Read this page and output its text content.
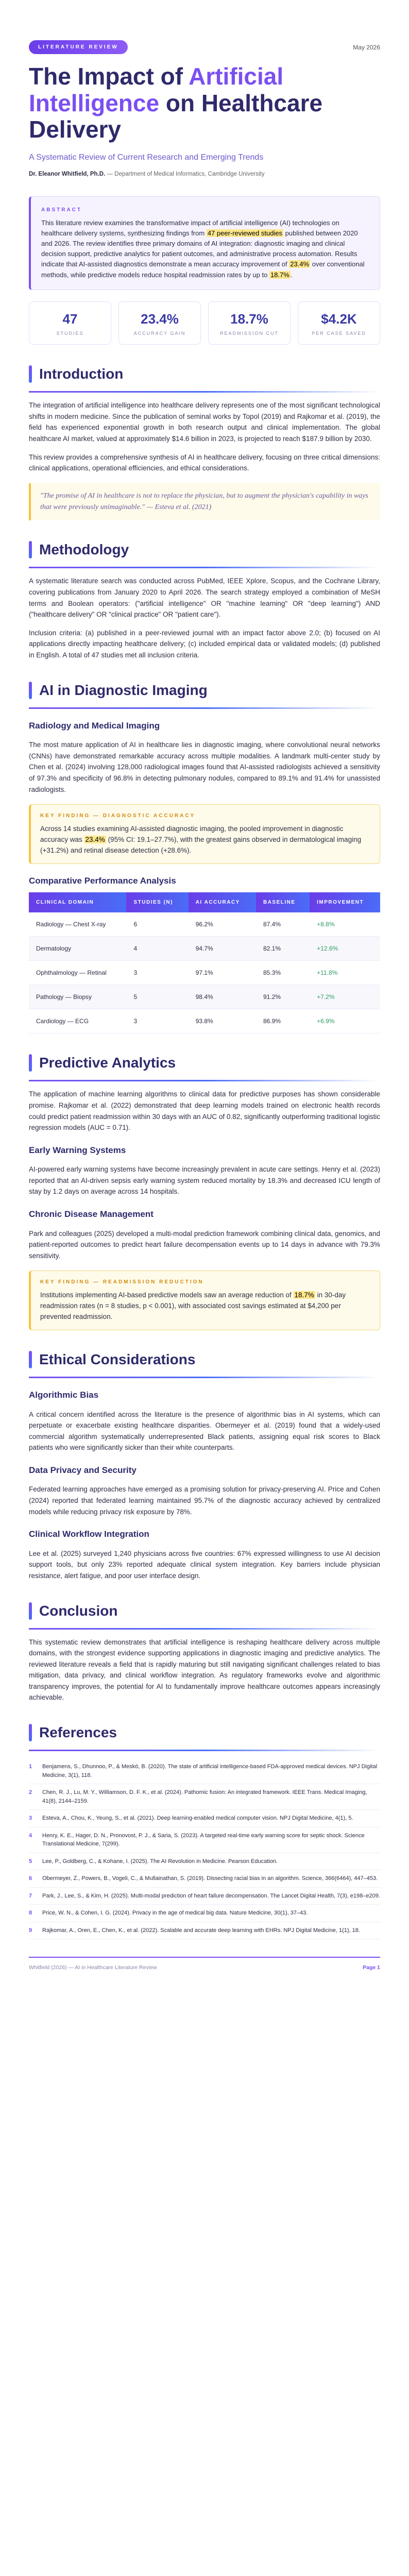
LITERATURE REVIEW	May 2026
The Impact of Artificial Intelligence on Healthcare Delivery
A Systematic Review of Current Research and Emerging Trends
Dr. Eleanor Whitfield, Ph.D. — Department of Medical Informatics, Cambridge University
ABSTRACT

This literature review examines the transformative impact of artificial intelligence (AI) technologies on healthcare delivery systems, synthesizing findings from 47 peer-reviewed studies published between 2020 and 2026. The review identifies three primary domains of AI integration: diagnostic imaging and clinical decision support, predictive analytics for patient outcomes, and administrative process automation. Results indicate that AI-assisted diagnostics demonstrate a mean accuracy improvement of 23.4% over conventional methods, while predictive models reduce hospital readmission rates by up to 18.7% .

47
STUDIES
23.4%
ACCURACY GAIN
18.7%
READMISSION CUT
$4.2K
PER CASE SAVED
Introduction

The integration of artificial intelligence into healthcare delivery represents one of the most significant technological shifts in modern medicine. Since the publication of seminal works by Topol (2019) and Rajkomar et al. (2019), the field has experienced exponential growth in both research output and clinical implementation. The global healthcare AI market, valued at approximately $14.6 billion in 2023, is projected to reach $187.9 billion by 2030.

This review provides a comprehensive synthesis of AI in healthcare delivery, focusing on three critical dimensions: clinical applications, operational efficiencies, and ethical considerations.

"The promise of AI in healthcare is not to replace the physician, but to augment the physician's capability in ways that were previously unimaginable." — Esteva et al. (2021)
Methodology

A systematic literature search was conducted across PubMed, IEEE Xplore, Scopus, and the Cochrane Library, covering publications from January 2020 to April 2026. The search strategy employed a combination of MeSH terms and Boolean operators: ("artificial intelligence" OR "machine learning" OR "deep learning") AND ("healthcare delivery" OR "clinical practice" OR "patient care").

Inclusion criteria: (a) published in a peer-reviewed journal with an impact factor above 2.0; (b) focused on AI applications directly impacting healthcare delivery; (c) included empirical data or validated models; (d) published in English. A total of 47 studies met all inclusion criteria.

AI in Diagnostic Imaging
Radiology and Medical Imaging

The most mature application of AI in healthcare lies in diagnostic imaging, where convolutional neural networks (CNNs) have demonstrated remarkable accuracy across multiple modalities. A landmark multi-center study by Chen et al. (2024) involving 128,000 radiological images found that AI-assisted radiologists achieved a sensitivity of 97.3% and specificity of 96.8% in detecting pulmonary nodules, compared to 89.1% and 91.4% for unassisted radiologists.

KEY FINDING — DIAGNOSTIC ACCURACY

Across 14 studies examining AI-assisted diagnostic imaging, the pooled improvement in diagnostic accuracy was 23.4% (95% CI: 19.1–27.7%), with the greatest gains observed in dermatological imaging (+31.2%) and retinal disease detection (+28.6%).

Comparative Performance Analysis
CLINICAL DOMAIN	STUDIES (N)	AI ACCURACY	BASELINE	IMPROVEMENT
Radiology — Chest X-ray	6	96.2%	87.4%	+8.8%
Dermatology	4	94.7%	82.1%	+12.6%
Ophthalmology — Retinal	3	97.1%	85.3%	+11.8%
Pathology — Biopsy	5	98.4%	91.2%	+7.2%
Cardiology — ECG	3	93.8%	86.9%	+6.9%
Predictive Analytics

The application of machine learning algorithms to clinical data for predictive purposes has shown considerable promise. Rajkomar et al. (2022) demonstrated that deep learning models trained on electronic health records could predict patient readmission within 30 days with an AUC of 0.82, significantly outperforming traditional logistic regression models (AUC = 0.71).

Early Warning Systems

AI-powered early warning systems have become increasingly prevalent in acute care settings. Henry et al. (2023) reported that an AI-driven sepsis early warning system reduced mortality by 18.3% and decreased ICU length of stay by 1.2 days on average across 14 hospitals.

Chronic Disease Management

Park and colleagues (2025) developed a multi-modal prediction framework combining clinical data, genomics, and patient-reported outcomes to predict heart failure decompensation events up to 14 days in advance with 79.3% sensitivity.

KEY FINDING — READMISSION REDUCTION

Institutions implementing AI-based predictive models saw an average reduction of 18.7% in 30-day readmission rates (n = 8 studies, p < 0.001), with associated cost savings estimated at $4,200 per prevented readmission.

Ethical Considerations
Algorithmic Bias

A critical concern identified across the literature is the presence of algorithmic bias in AI systems, which can perpetuate or exacerbate existing healthcare disparities. Obermeyer et al. (2019) found that a widely-used commercial algorithm systematically underrepresented Black patients, assigning equal risk scores to Black patients who were significantly sicker than their white counterparts.

Data Privacy and Security

Federated learning approaches have emerged as a promising solution for privacy-preserving AI. Price and Cohen (2024) reported that federated learning maintained 95.7% of the diagnostic accuracy achieved by centralized models while reducing privacy risk exposure by 78%.

Clinical Workflow Integration

Lee et al. (2025) surveyed 1,240 physicians across five countries: 67% expressed willingness to use AI decision support tools, but only 23% reported adequate clinical system integration. Key barriers include physician resistance, alert fatigue, and poor user interface design.

Conclusion

This systematic review demonstrates that artificial intelligence is reshaping healthcare delivery across multiple domains, with the strongest evidence supporting applications in diagnostic imaging and predictive analytics. The reviewed literature reveals a field that is rapidly maturing but still navigating significant challenges related to bias mitigation, data privacy, and clinical workflow integration. As regulatory frameworks evolve and algorithmic transparency improves, the potential for AI to fundamentally improve healthcare outcomes appears increasingly achievable.

References
1	Benjamens, S., Dhunnoo, P., & Meskó, B. (2020). The state of artificial intelligence-based FDA-approved medical devices. NPJ Digital Medicine, 3(1), 118.
2	Chen, R. J., Lu, M. Y., Williamson, D. F. K., et al. (2024). Pathomic fusion: An integrated framework. IEEE Trans. Medical Imaging, 41(8), 2144–2159.
3	Esteva, A., Chou, K., Yeung, S., et al. (2021). Deep learning-enabled medical computer vision. NPJ Digital Medicine, 4(1), 5.
4	Henry, K. E., Hager, D. N., Pronovost, P. J., & Saria, S. (2023). A targeted real-time early warning score for septic shock. Science Translational Medicine, 7(299).
5	Lee, P., Goldberg, C., & Kohane, I. (2025). The AI Revolution in Medicine. Pearson Education.
6	Obermeyer, Z., Powers, B., Vogeli, C., & Mullainathan, S. (2019). Dissecting racial bias in an algorithm. Science, 366(6464), 447–453.
7	Park, J., Lee, S., & Kim, H. (2025). Multi-modal prediction of heart failure decompensation. The Lancet Digital Health, 7(3), e198–e209.
8	Price, W. N., & Cohen, I. G. (2024). Privacy in the age of medical big data. Nature Medicine, 30(1), 37–43.
9	Rajkomar, A., Oren, E., Chen, K., et al. (2022). Scalable and accurate deep learning with EHRs. NPJ Digital Medicine, 1(1), 18.
Whitfield (2026) — AI in Healthcare Literature Review	Page 1
